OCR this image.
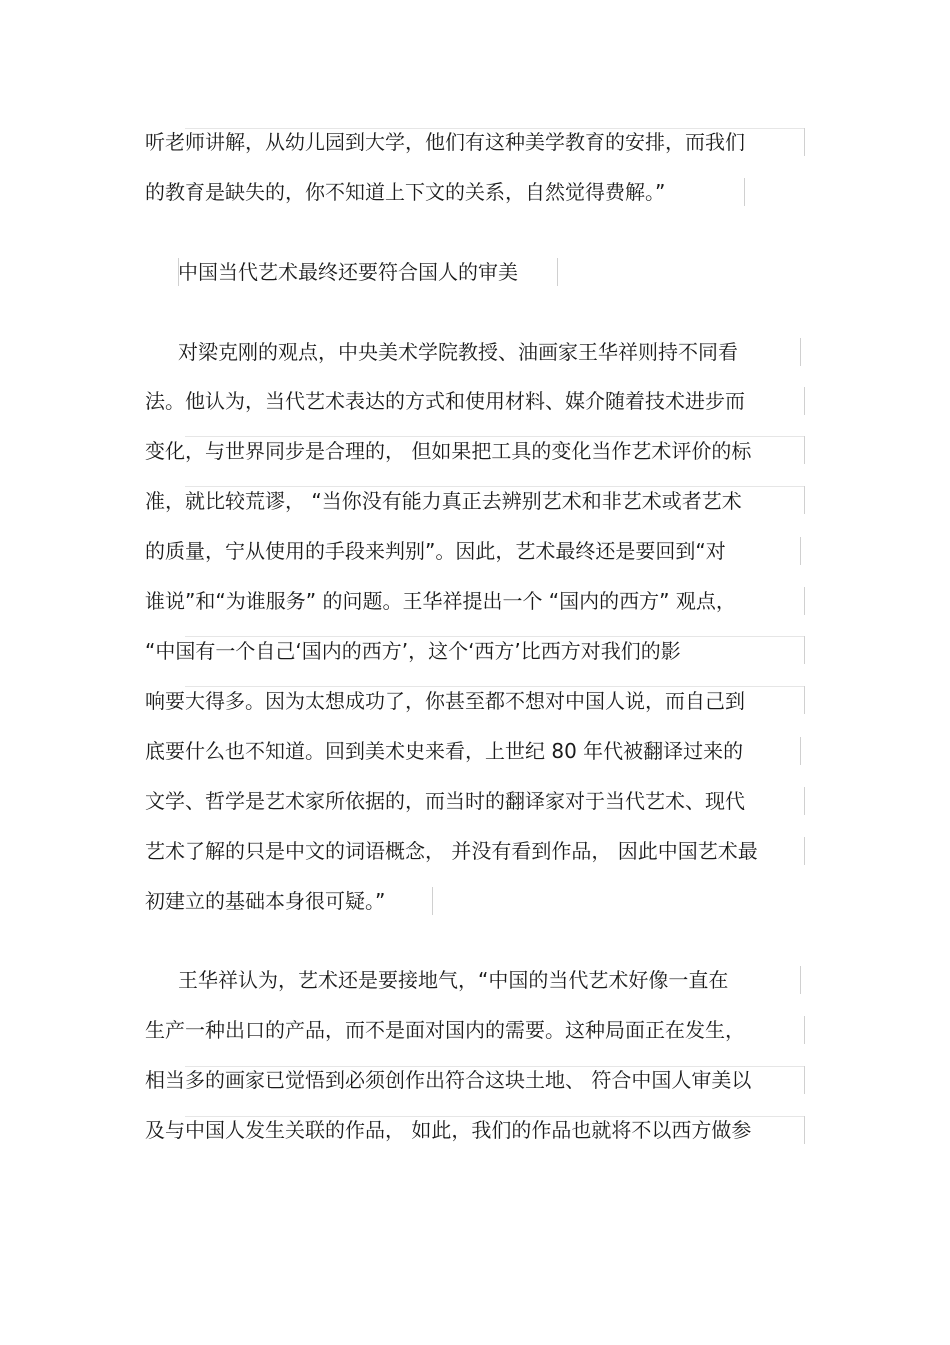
听老师讲解，从幼儿园到大学，他们有这种美学教育的安排，而我们
的教育是缺失的，你不知道上下文的关系，自然觉得费解。”
中国当代艺术最终还要符合国人的审美
对梁克刚的观点，中央美术学院教授、油画家王华祥则持不同看
法。他认为，当代艺术表达的方式和使用材料、媒介随着技术进步而
变化，与世界同步是合理的， 但如果把工具的变化当作艺术评价的标
准，就比较荒谬， “当你没有能力真正去辨别艺术和非艺术或者艺术
的质量，宁从使用的手段来判别”。因此，艺术最终还是要回到“对
谁说”和“为谁服务” 的问题。王华祥提出一个 “国内的西方” 观点，
“中国有一个自己‘国内的西方’，这个‘西方’比西方对我们的影
响要大得多。因为太想成功了，你甚至都不想对中国人说，而自己到
底要什么也不知道。回到美术史来看，上世纪 80 年代被翻译过来的
文学、哲学是艺术家所依据的，而当时的翻译家对于当代艺术、现代
艺术了解的只是中文的词语概念， 并没有看到作品， 因此中国艺术最
初建立的基础本身很可疑。”
王华祥认为，艺术还是要接地气，“中国的当代艺术好像一直在
生产一种出口的产品，而不是面对国内的需要。这种局面正在发生，
相当多的画家已觉悟到必须创作出符合这块土地、 符合中国人审美以
及与中国人发生关联的作品， 如此，我们的作品也就将不以西方做参
